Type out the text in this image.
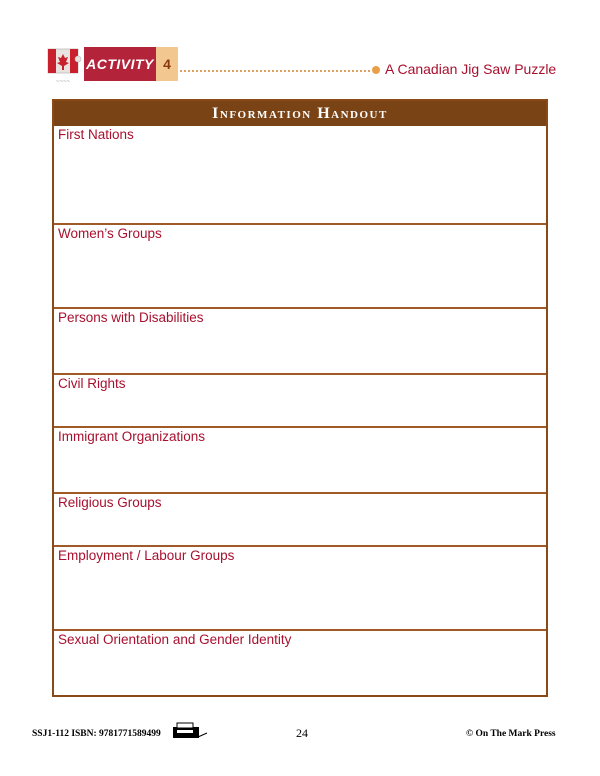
~~~~
ACTIVITY 4	A Canadian Jig Saw Puzzle
Information Handout
First Nations
Women’s Groups
Persons with Disabilities
Civil Rights
Immigrant Organizations
Religious Groups
Employment / Labour Groups
Sexual Orientation and Gender Identity
SSJ1-112 ISBN: 9781771589499	24	© On The Mark Press
